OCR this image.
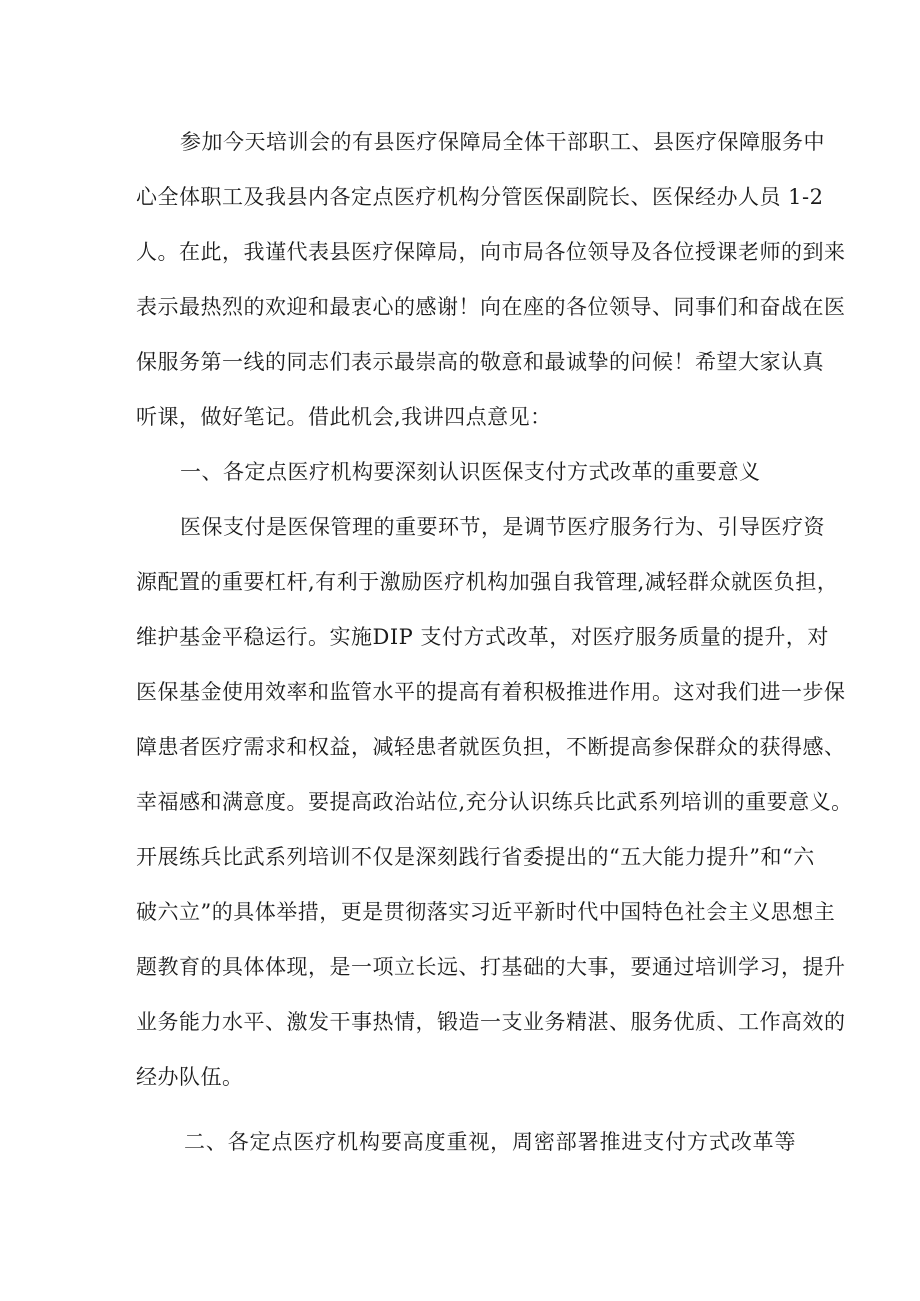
参加今天培训会的有县医疗保障局全体干部职工、县医疗保障服务中
心全体职工及我县内各定点医疗机构分管医保副院长、医保经办人员 1-2
人。在此，我谨代表县医疗保障局，向市局各位领导及各位授课老师的到来
表示最热烈的欢迎和最衷心的感谢！向在座的各位领导、同事们和奋战在医
保服务第一线的同志们表示最崇高的敬意和最诚挚的问候！希望大家认真
听课，做好笔记。借此机会,我讲四点意见：
一、各定点医疗机构要深刻认识医保支付方式改革的重要意义
医保支付是医保管理的重要环节，是调节医疗服务行为、引导医疗资
源配置的重要杠杆,有利于激励医疗机构加强自我管理,减轻群众就医负担，
维护基金平稳运行。实施DIP 支付方式改革，对医疗服务质量的提升，对
医保基金使用效率和监管水平的提高有着积极推进作用。这对我们进一步保
障患者医疗需求和权益，减轻患者就医负担，不断提高参保群众的获得感、
幸福感和满意度。要提高政治站位,充分认识练兵比武系列培训的重要意义。
开展练兵比武系列培训不仅是深刻践行省委提出的“五大能力提升”和“六
破六立”的具体举措，更是贯彻落实习近平新时代中国特色社会主义思想主
题教育的具体体现，是一项立长远、打基础的大事，要通过培训学习，提升
业务能力水平、激发干事热情，锻造一支业务精湛、服务优质、工作高效的
经办队伍。
二、各定点医疗机构要高度重视，周密部署推进支付方式改革等
